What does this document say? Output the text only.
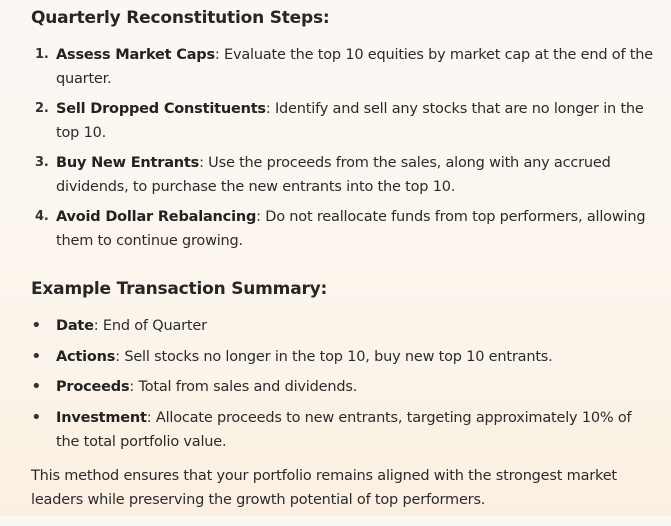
Quarterly Reconstitution Steps:
1. Assess Market Caps: Evaluate the top 10 equities by market cap at the end of the quarter.
2. Sell Dropped Constituents: Identify and sell any stocks that are no longer in the top 10.
3. Buy New Entrants: Use the proceeds from the sales, along with any accrued dividends, to purchase the new entrants into the top 10.
4. Avoid Dollar Rebalancing: Do not reallocate funds from top performers, allowing them to continue growing.
Example Transaction Summary:
• Date: End of Quarter
• Actions: Sell stocks no longer in the top 10, buy new top 10 entrants.
• Proceeds: Total from sales and dividends.
• Investment: Allocate proceeds to new entrants, targeting approximately 10% of the total portfolio value.

This method ensures that your portfolio remains aligned with the strongest market leaders while preserving the growth potential of top performers.
